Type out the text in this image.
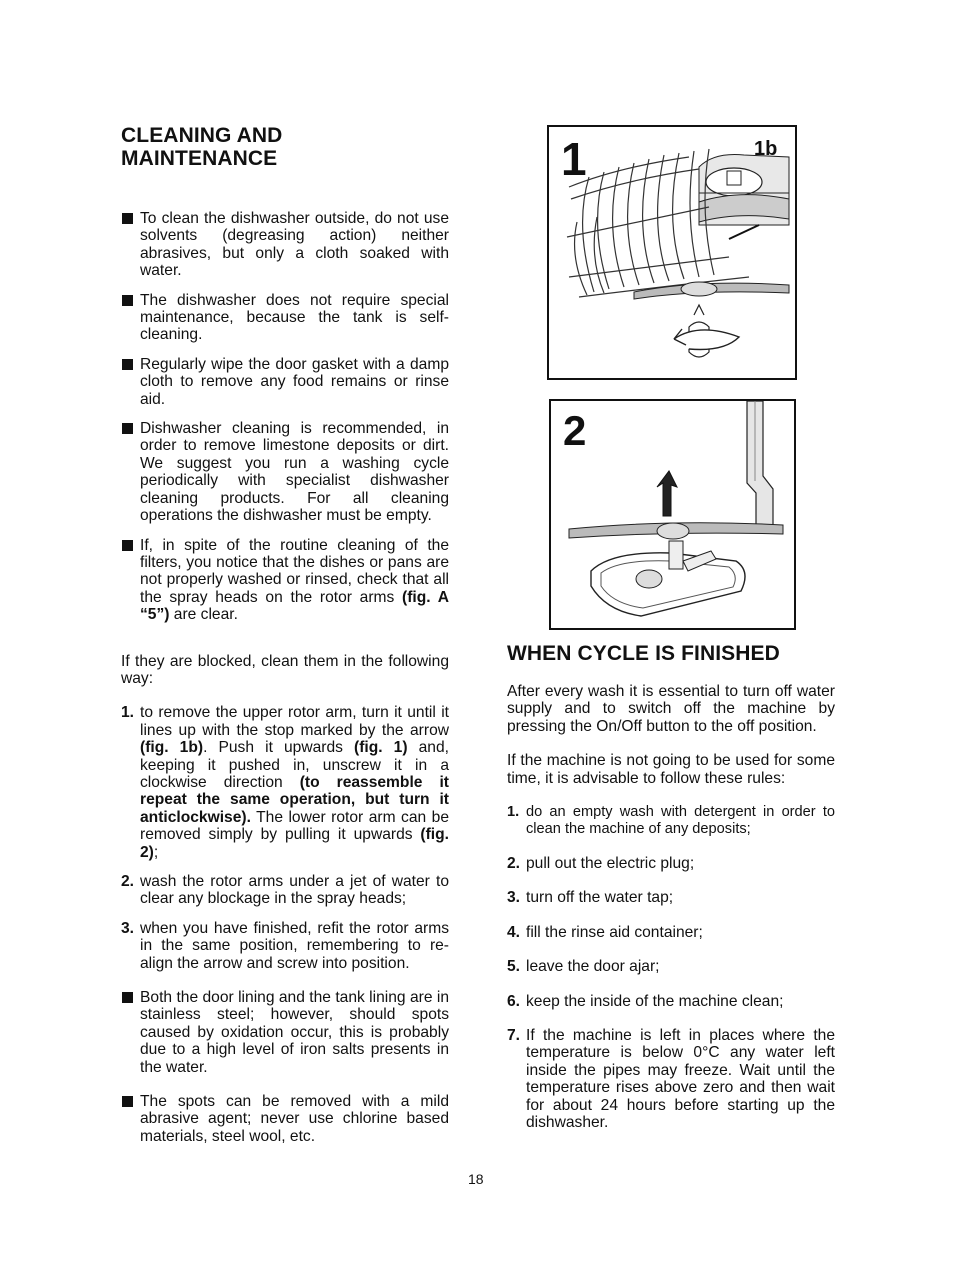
CLEANING AND
MAINTENANCE

To clean the dishwasher outside, do not use solvents (degreasing action) neither abrasives, but only a cloth soaked with water.

The dishwasher does not require special maintenance, because the tank is self-cleaning.

Regularly wipe the door gasket with a damp cloth to remove any food remains or rinse aid.

Dishwasher cleaning is recommended, in order to remove limestone deposits or dirt. We suggest you run a washing cycle periodically with specialist dishwasher cleaning products. For all cleaning operations the dishwasher must be empty.

If, in spite of the routine cleaning of the filters, you notice that the dishes or pans are not properly washed or rinsed, check that all the spray heads on the rotor arms (fig. A “5”) are clear.

If they are blocked, clean them in the following way:

1. to remove the upper rotor arm, turn it until it lines up with the stop marked by the arrow (fig. 1b). Push it upwards (fig. 1) and, keeping it pushed in, unscrew it in a clockwise direction (to reassemble it repeat the same operation, but turn it anticlockwise). The lower rotor arm can be removed simply by pulling it upwards (fig. 2);

2. wash the rotor arms under a jet of water to clear any blockage in the spray heads;

3. when you have finished, refit the rotor arms in the same position, remembering to re-align the arrow and screw into position.

Both the door lining and the tank lining are in stainless steel; however, should spots caused by oxidation occur, this is probably due to a high level of iron salts presents in the water.

The spots can be removed with a mild abrasive agent; never use chlorine based materials, steel wool, etc.

1	1b
2
WHEN CYCLE IS FINISHED

After every wash it is essential to turn off water supply and to switch off the machine by pressing the On/Off button to the off position.

If the machine is not going to be used for some time, it is advisable to follow these rules:

1. do an empty wash with detergent in order to clean the machine of any deposits;

2. pull out the electric plug;

3. turn off the water tap;

4. fill the rinse aid container;

5. leave the door ajar;

6. keep the inside of the machine clean;

7. If the machine is left in places where the temperature is below 0°C any water left inside the pipes may freeze. Wait until the temperature rises above zero and then wait for about 24 hours before starting up the dishwasher.

18
